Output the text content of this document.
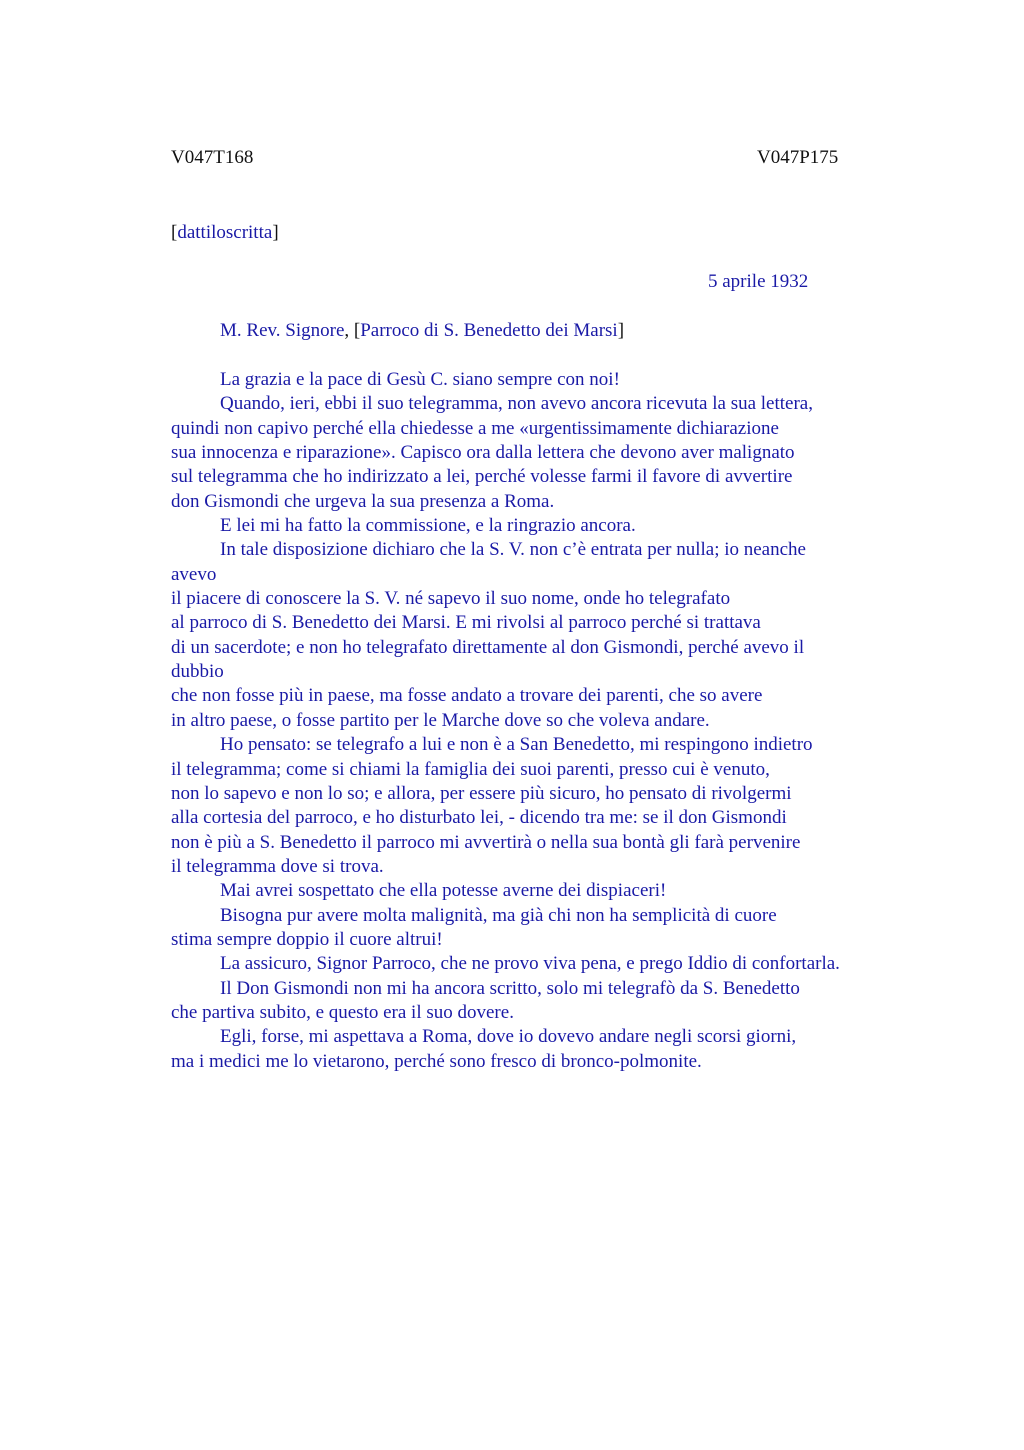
V047T168	V047P175
[dattiloscritta]
5 aprile 1932
M. Rev. Signore, [Parroco di S. Benedetto dei Marsi]
La grazia e la pace di Gesù C. siano sempre con noi!
Quando, ieri, ebbi il suo telegramma, non avevo ancora ricevuta la sua lettera,
quindi non capivo perché ella chiedesse a me «urgentissimamente dichiarazione
sua innocenza e riparazione». Capisco ora dalla lettera che devono aver malignato
sul telegramma che ho indirizzato a lei, perché volesse farmi il favore di avvertire
don Gismondi che urgeva la sua presenza a Roma.
E lei mi ha fatto la commissione, e la ringrazio ancora.
In tale disposizione dichiaro che la S. V. non c’è entrata per nulla; io neanche
avevo
il piacere di conoscere la S. V. né sapevo il suo nome, onde ho telegrafato
al parroco di S. Benedetto dei Marsi. E mi rivolsi al parroco perché si trattava
di un sacerdote; e non ho telegrafato direttamente al don Gismondi, perché avevo il
dubbio
che non fosse più in paese, ma fosse andato a trovare dei parenti, che so avere
in altro paese, o fosse partito per le Marche dove so che voleva andare.
Ho pensato: se telegrafo a lui e non è a San Benedetto, mi respingono indietro
il telegramma; come si chiami la famiglia dei suoi parenti, presso cui è venuto,
non lo sapevo e non lo so; e allora, per essere più sicuro, ho pensato di rivolgermi
alla cortesia del parroco, e ho disturbato lei, - dicendo tra me: se il don Gismondi
non è più a S. Benedetto il parroco mi avvertirà o nella sua bontà gli farà pervenire
il telegramma dove si trova.
Mai avrei sospettato che ella potesse averne dei dispiaceri!
Bisogna pur avere molta malignità, ma già chi non ha semplicità di cuore
stima sempre doppio il cuore altrui!
La assicuro, Signor Parroco, che ne provo viva pena, e prego Iddio di confortarla.
Il Don Gismondi non mi ha ancora scritto, solo mi telegrafò da S. Benedetto
che partiva subito, e questo era il suo dovere.
Egli, forse, mi aspettava a Roma, dove io dovevo andare negli scorsi giorni,
ma i medici me lo vietarono, perché sono fresco di bronco-polmonite.
